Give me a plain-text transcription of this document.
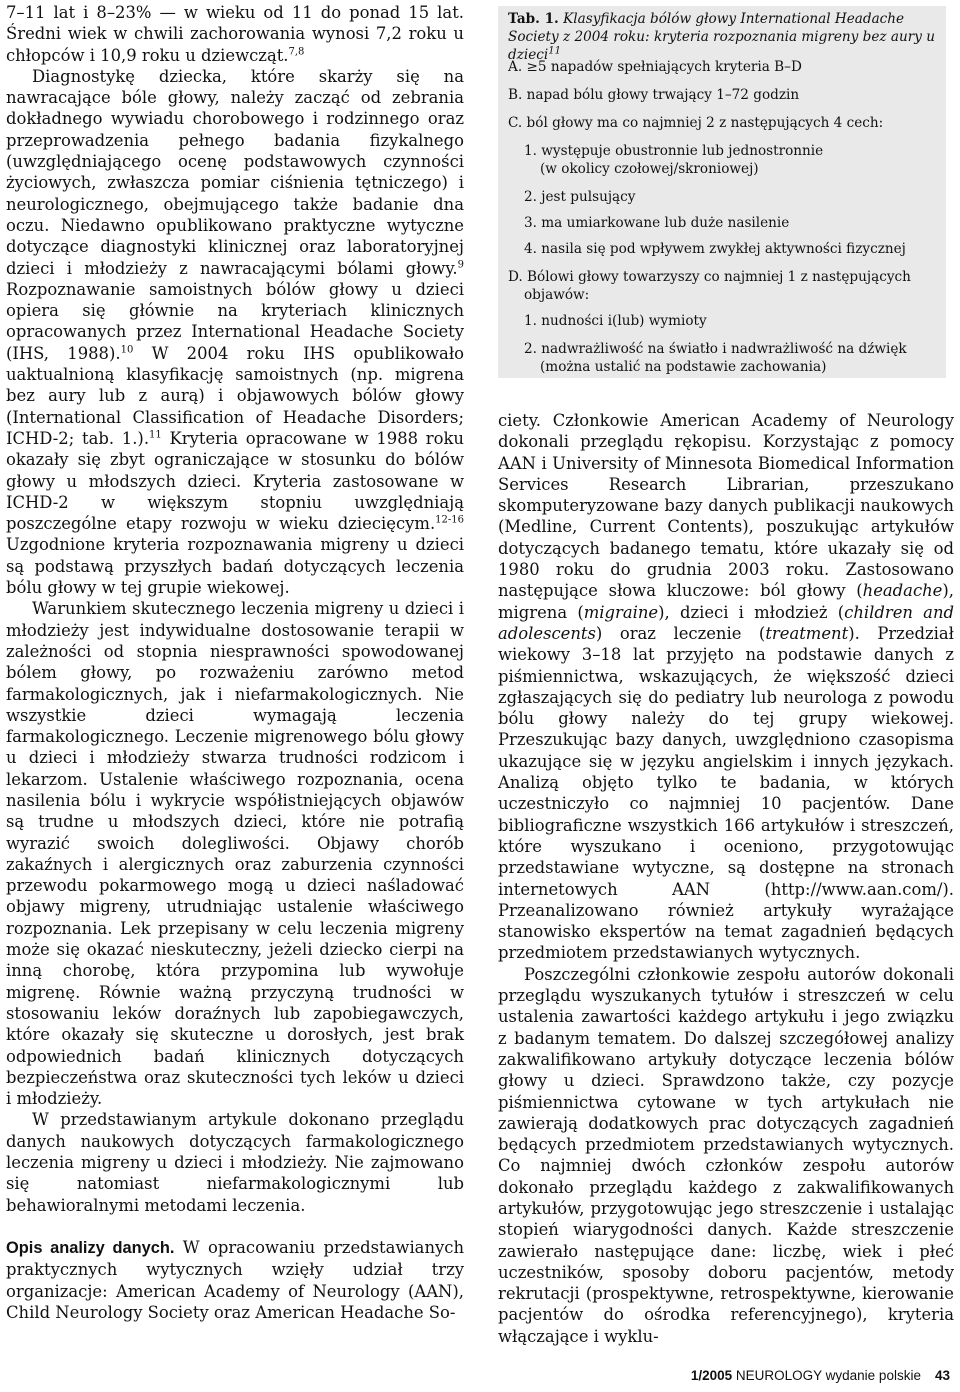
7–11 lat i 8–23% — w wieku od 11 do ponad 15 lat. Średni wiek w chwili zachorowania wynosi 7,2 roku u chłopców i 10,9 roku u dziewcząt.$^{7,8}$

Diagnostykę dziecka, które skarży się na nawracające bóle głowy, należy zacząć od zebrania dokładnego wywiadu chorobowego i rodzinnego oraz przeprowadzenia pełnego badania fizykalnego (uwzględniającego ocenę podstawowych czynności życiowych, zwłaszcza pomiar ciśnienia tętniczego) i neurologicznego, obejmującego także badanie dna oczu. Niedawno opublikowano praktyczne wytyczne dotyczące diagnostyki klinicznej oraz laboratoryjnej dzieci i młodzieży z nawracającymi bólami głowy.$^9$ Rozpoznawanie samoistnych bólów głowy u dzieci opiera się głównie na kryteriach klinicznych opracowanych przez International Headache Society (IHS, 1988).$^{10}$ W 2004 roku IHS opublikowało uaktualnioną klasyfikację samoistnych (np. migrena bez aury lub z aurą) i objawowych bólów głowy (International Classification of Headache Disorders; ICHD-2; tab. 1.).$^{11}$ Kryteria opracowane w 1988 roku okazały się zbyt ograniczające w stosunku do bólów głowy u młodszych dzieci. Kryteria zastosowane w ICHD-2 w większym stopniu uwzględniają poszczególne etapy rozwoju w wieku dziecięcym.$^{12-16}$ Uzgodnione kryteria rozpoznawania migreny u dzieci są podstawą przyszłych badań dotyczących leczenia bólu głowy w tej grupie wiekowej.

Warunkiem skutecznego leczenia migreny u dzieci i młodzieży jest indywidualne dostosowanie terapii w zależności od stopnia niesprawności spowodowanej bólem głowy, po rozważeniu zarówno metod farmakologicznych, jak i niefarmakologicznych. Nie wszystkie dzieci wymagają leczenia farmakologicznego. Leczenie migrenowego bólu głowy u dzieci i młodzieży stwarza trudności rodzicom i lekarzom. Ustalenie właściwego rozpoznania, ocena nasilenia bólu i wykrycie współistniejących objawów są trudne u młodszych dzieci, które nie potrafią wyrazić swoich dolegliwości. Objawy chorób zakaźnych i alergicznych oraz zaburzenia czynności przewodu pokarmowego mogą u dzieci naśladować objawy migreny, utrudniając ustalenie właściwego rozpoznania. Lek przepisany w celu leczenia migreny może się okazać nieskuteczny, jeżeli dziecko cierpi na inną chorobę, która przypomina lub wywołuje migrenę. Równie ważną przyczyną trudności w stosowaniu leków doraźnych lub zapobiegawczych, które okazały się skuteczne u dorosłych, jest brak odpowiednich badań klinicznych dotyczących bezpieczeństwa oraz skuteczności tych leków u dzieci i młodzieży.

W przedstawianym artykule dokonano przeglądu danych naukowych dotyczących farmakologicznego leczenia migreny u dzieci i młodzieży. Nie zajmowano się natomiast niefarmakologicznymi lub behawioralnymi metodami leczenia.

Opis analizy danych. W opracowaniu przedstawianych praktycznych wytycznych wzięły udział trzy organizacje: American Academy of Neurology (AAN), Child Neurology Society oraz American Headache So-

Tab. 1. Klasyfikacja bólów głowy International Headache Society z 2004 roku: kryteria rozpoznania migreny bez aury u dzieci$^{11}$
A. ≥5 napadów spełniających kryteria B–D
B. napad bólu głowy trwający 1–72 godzin
C. ból głowy ma co najmniej 2 z następujących 4 cech:
1. występuje obustronnie lub jednostronnie
(w okolicy czołowej/skroniowej)
2. jest pulsujący
3. ma umiarkowane lub duże nasilenie
4. nasila się pod wpływem zwykłej aktywności fizycznej
D. Bólowi głowy towarzyszy co najmniej 1 z następujących
objawów:
1. nudności i(lub) wymioty
2. nadwrażliwość na światło i nadwrażliwość na dźwięk
(można ustalić na podstawie zachowania)

ciety. Członkowie American Academy of Neurology dokonali przeglądu rękopisu. Korzystając z pomocy AAN i University of Minnesota Biomedical Information Services Research Librarian, przeszukano skomputeryzowane bazy danych publikacji naukowych (Medline, Current Contents), poszukując artykułów dotyczących badanego tematu, które ukazały się od 1980 roku do grudnia 2003 roku. Zastosowano następujące słowa kluczowe: ból głowy (headache), migrena (migraine), dzieci i młodzież (children and adolescents) oraz leczenie (treatment). Przedział wiekowy 3–18 lat przyjęto na podstawie danych z piśmiennictwa, wskazujących, że większość dzieci zgłaszających się do pediatry lub neurologa z powodu bólu głowy należy do tej grupy wiekowej. Przeszukując bazy danych, uwzględniono czasopisma ukazujące się w języku angielskim i innych językach. Analizą objęto tylko te badania, w których uczestniczyło co najmniej 10 pacjentów. Dane bibliograficzne wszystkich 166 artykułów i streszczeń, które wyszukano i oceniono, przygotowując przedstawiane wytyczne, są dostępne na stronach internetowych AAN (http://www.aan.com/). Przeanalizowano również artykuły wyrażające stanowisko ekspertów na temat zagadnień będących przedmiotem przedstawianych wytycznych.

Poszczególni członkowie zespołu autorów dokonali przeglądu wyszukanych tytułów i streszczeń w celu ustalenia zawartości każdego artykułu i jego związku z badanym tematem. Do dalszej szczegółowej analizy zakwalifikowano artykuły dotyczące leczenia bólów głowy u dzieci. Sprawdzono także, czy pozycje piśmiennictwa cytowane w tych artykułach nie zawierają dodatkowych prac dotyczących zagadnień będących przedmiotem przedstawianych wytycznych. Co najmniej dwóch członków zespołu autorów dokonało przeglądu każdego z zakwalifikowanych artykułów, przygotowując jego streszczenie i ustalając stopień wiarygodności danych. Każde streszczenie zawierało następujące dane: liczbę, wiek i płeć uczestników, sposoby doboru pacjentów, metody rekrutacji (prospektywne, retrospektywne, kierowanie pacjentów do ośrodka referencyjnego), kryteria włączające i wyklu-

1/2005 NEUROLOGY wydanie polskie 43
